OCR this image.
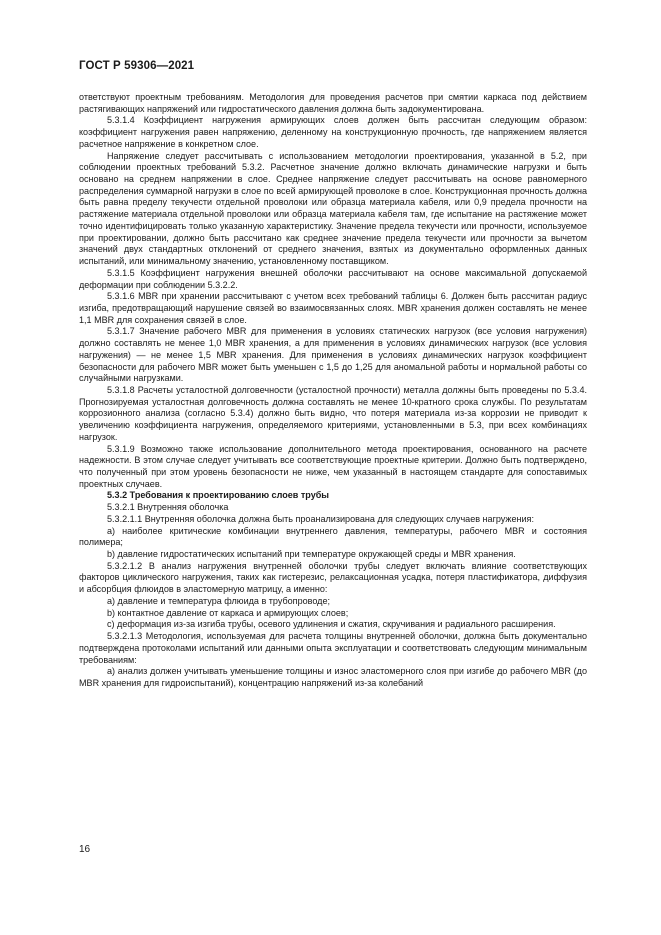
ГОСТ Р 59306—2021

ответствуют проектным требованиям. Методология для проведения расчетов при смятии каркаса под действием растягивающих напряжений или гидростатического давления должна быть задокументирована.

5.3.1.4 Коэффициент нагружения армирующих слоев должен быть рассчитан следующим образом: коэффициент нагружения равен напряжению, деленному на конструкционную прочность, где напряжением является расчетное напряжение в конкретном слое.

Напряжение следует рассчитывать с использованием методологии проектирования, указанной в 5.2, при соблюдении проектных требований 5.3.2. Расчетное значение должно включать динамические нагрузки и быть основано на среднем напряжении в слое. Среднее напряжение следует рассчитывать на основе равномерного распределения суммарной нагрузки в слое по всей армирующей проволоке в слое. Конструкционная прочность должна быть равна пределу текучести отдельной проволоки или образца материала кабеля, или 0,9 предела прочности на растяжение материала отдельной проволоки или образца материала кабеля там, где испытание на растяжение может точно идентифицировать только указанную характеристику. Значение предела текучести или прочности, используемое при проектировании, должно быть рассчитано как среднее значение предела текучести или прочности за вычетом значений двух стандартных отклонений от среднего значения, взятых из документально оформленных данных испытаний, или минимальному значению, установленному поставщиком.

5.3.1.5 Коэффициент нагружения внешней оболочки рассчитывают на основе максимальной допускаемой деформации при соблюдении 5.3.2.2.

5.3.1.6 MBR при хранении рассчитывают с учетом всех требований таблицы 6. Должен быть рассчитан радиус изгиба, предотвращающий нарушение связей во взаимосвязанных слоях. MBR хранения должен составлять не менее 1,1 MBR для сохранения связей в слое.

5.3.1.7 Значение рабочего MBR для применения в условиях статических нагрузок (все условия нагружения) должно составлять не менее 1,0 MBR хранения, а для применения в условиях динамических нагрузок (все условия нагружения) — не менее 1,5 MBR хранения. Для применения в условиях динамических нагрузок коэффициент безопасности для рабочего MBR может быть уменьшен с 1,5 до 1,25 для аномальной работы и нормальной работы со случайными нагрузками.

5.3.1.8 Расчеты усталостной долговечности (усталостной прочности) металла должны быть проведены по 5.3.4. Прогнозируемая усталостная долговечность должна составлять не менее 10-кратного срока службы. По результатам коррозионного анализа (согласно 5.3.4) должно быть видно, что потеря материала из-за коррозии не приводит к увеличению коэффициента нагружения, определяемого критериями, установленными в 5.3, при всех комбинациях нагрузок.

5.3.1.9 Возможно также использование дополнительного метода проектирования, основанного на расчете надежности. В этом случае следует учитывать все соответствующие проектные критерии. Должно быть подтверждено, что полученный при этом уровень безопасности не ниже, чем указанный в настоящем стандарте для сопоставимых проектных случаев.

5.3.2 Требования к проектированию слоев трубы

5.3.2.1 Внутренняя оболочка

5.3.2.1.1 Внутренняя оболочка должна быть проанализирована для следующих случаев нагружения:

a) наиболее критические комбинации внутреннего давления, температуры, рабочего MBR и состояния полимера;

b) давление гидростатических испытаний при температуре окружающей среды и MBR хранения.

5.3.2.1.2 В анализ нагружения внутренней оболочки трубы следует включать влияние соответствующих факторов циклического нагружения, таких как гистерезис, релаксационная усадка, потеря пластификатора, диффузия и абсорбция флюидов в эластомерную матрицу, а именно:

a) давление и температура флюида в трубопроводе;

b) контактное давление от каркаса и армирующих слоев;

c) деформация из-за изгиба трубы, осевого удлинения и сжатия, скручивания и радиального расширения.

5.3.2.1.3 Методология, используемая для расчета толщины внутренней оболочки, должна быть документально подтверждена протоколами испытаний или данными опыта эксплуатации и соответствовать следующим минимальным требованиям:

a) анализ должен учитывать уменьшение толщины и износ эластомерного слоя при изгибе до рабочего MBR (до MBR хранения для гидроиспытаний), концентрацию напряжений из-за колебаний

16
